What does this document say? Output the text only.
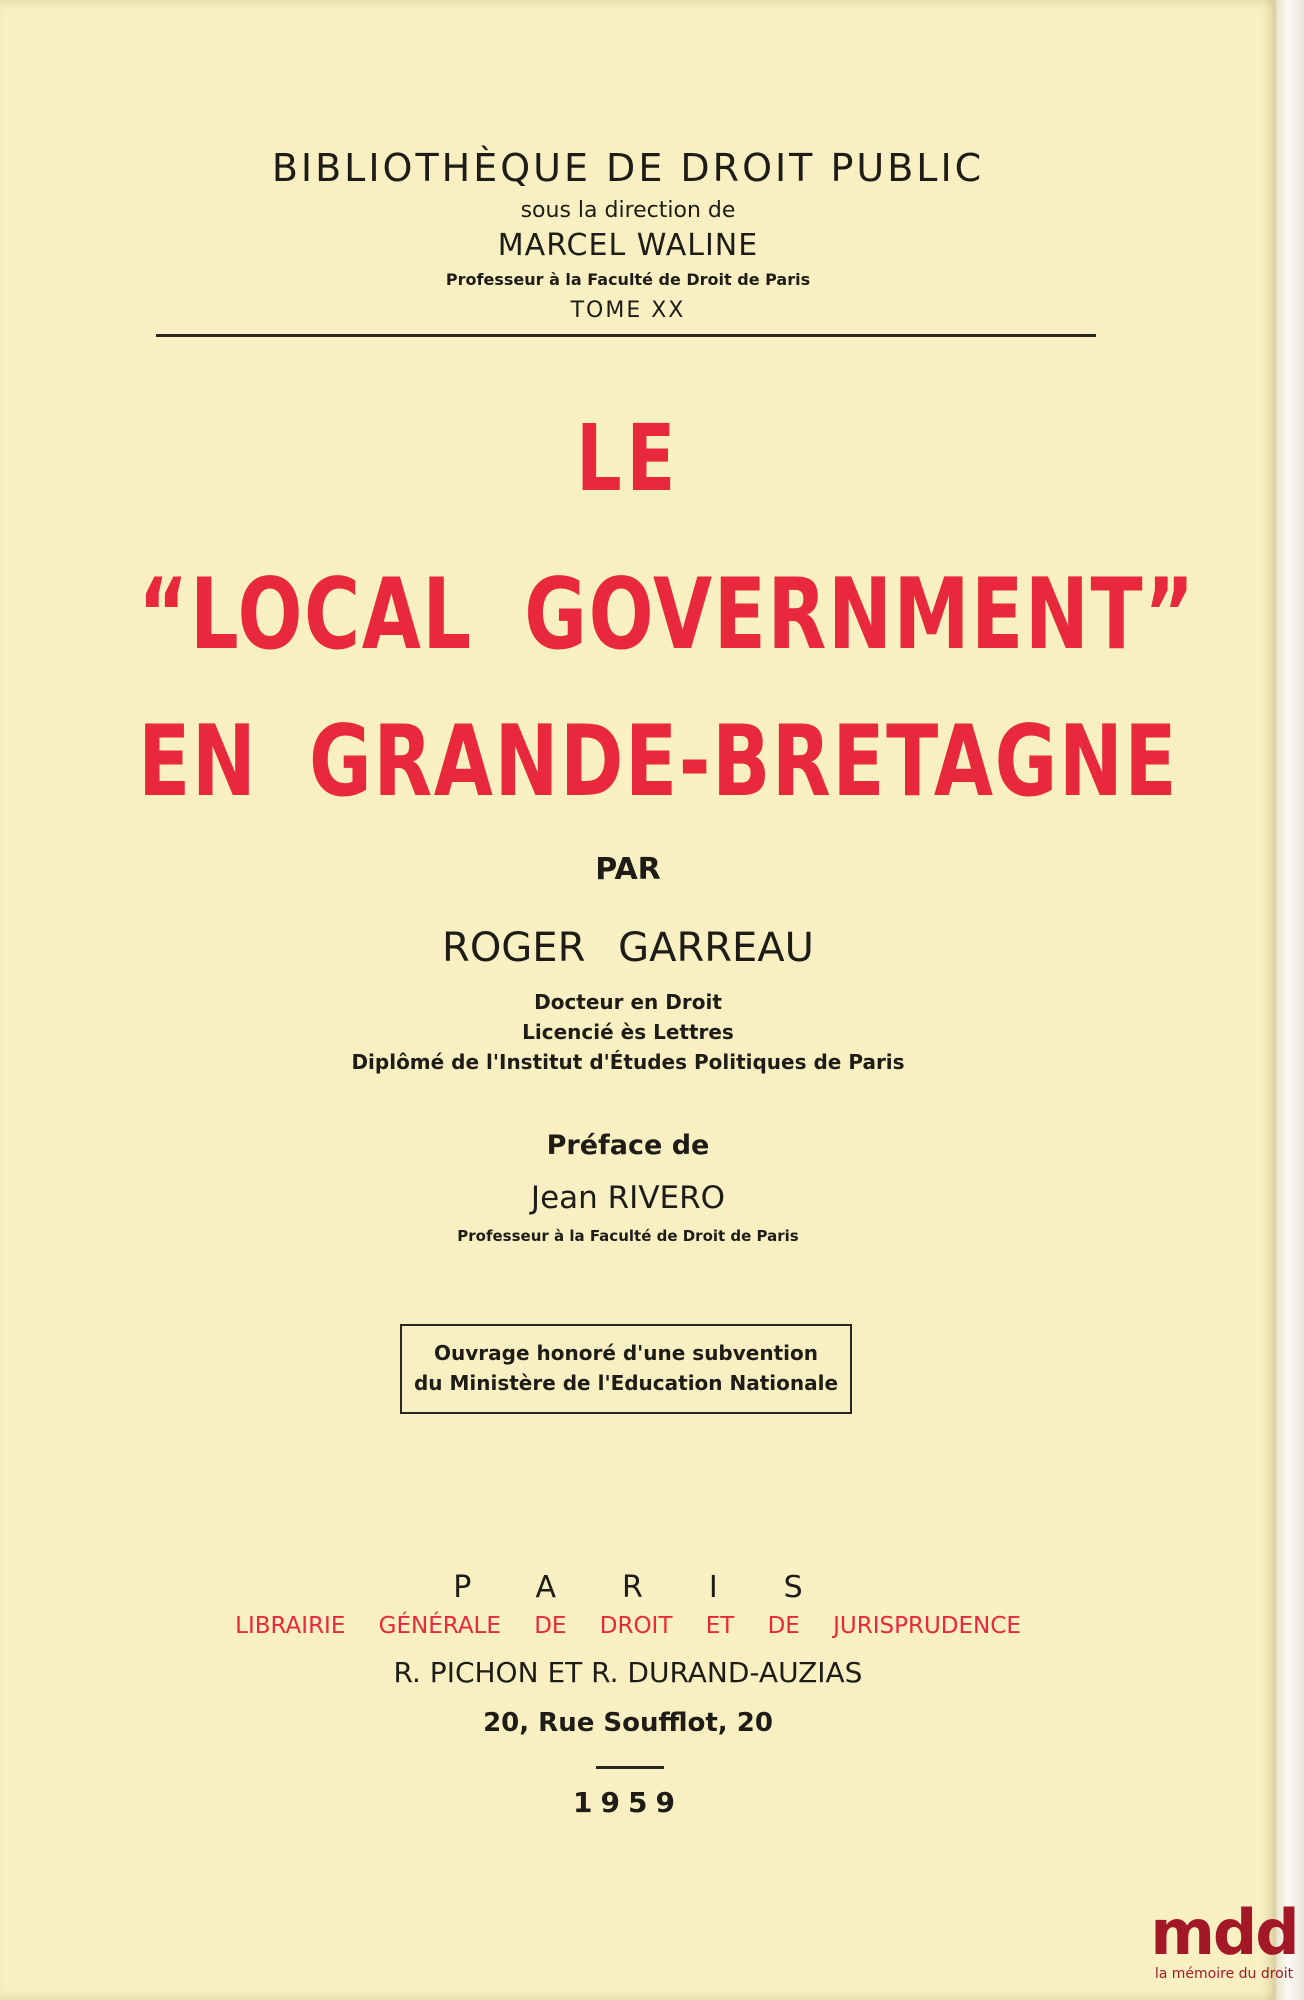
BIBLIOTHÈQUE DE DROIT PUBLIC
sous la direction de
MARCEL WALINE
Professeur à la Faculté de Droit de Paris
TOME XX
LE
“LOCAL GOVERNMENT”
EN GRANDE-BRETAGNE
PAR
ROGER GARREAU
Docteur en Droit
Licencié ès Lettres
Diplômé de l'Institut d'Études Politiques de Paris
Préface de
Jean RIVERO
Professeur à la Faculté de Droit de Paris
Ouvrage honoré d'une subvention
du Ministère de l'Education Nationale
PARIS
LIBRAIRIE GÉNÉRALE DE DROIT ET DE JURISPRUDENCE
R. PICHON ET R. DURAND-AUZIAS
20, Rue Soufflot, 20
1959
mdd
la mémoire du droit
